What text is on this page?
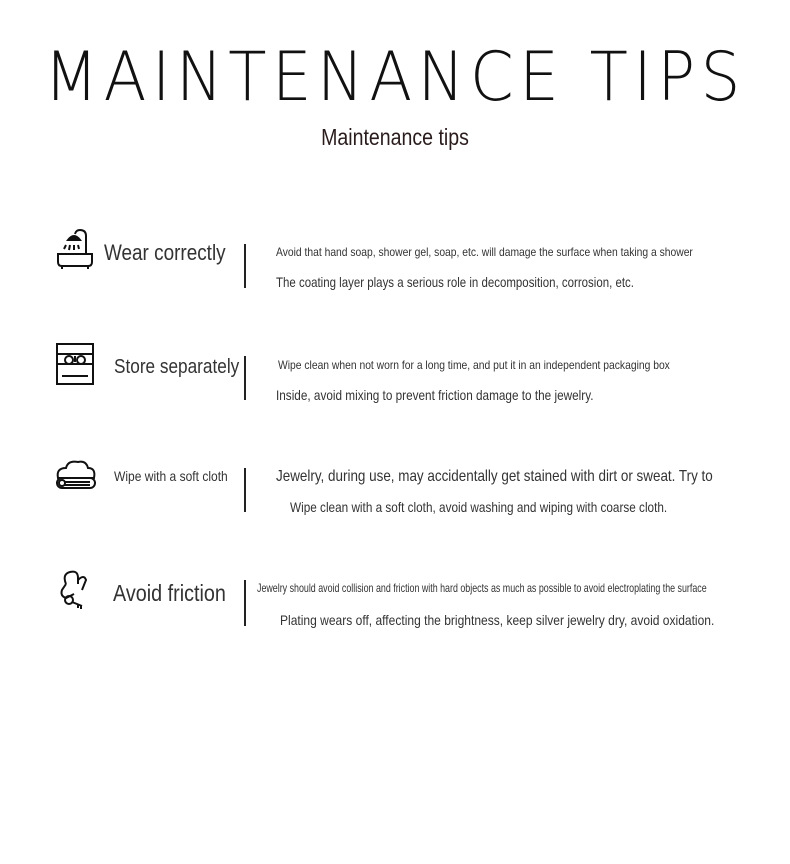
MAINTENANCE TIPS
Maintenance tips
Wear correctly	Avoid that hand soap, shower gel, soap, etc. will damage the surface when taking a shower
The coating layer plays a serious role in decomposition, corrosion, etc.
Store separately	Wipe clean when not worn for a long time, and put it in an independent packaging box
Inside, avoid mixing to prevent friction damage to the jewelry.
Wipe with a soft cloth	Jewelry, during use, may accidentally get stained with dirt or sweat. Try to
Wipe clean with a soft cloth, avoid washing and wiping with coarse cloth.
Avoid friction	Jewelry should avoid collision and friction with hard objects as much as possible to avoid electroplating the surface
Plating wears off, affecting the brightness, keep silver jewelry dry, avoid oxidation.
